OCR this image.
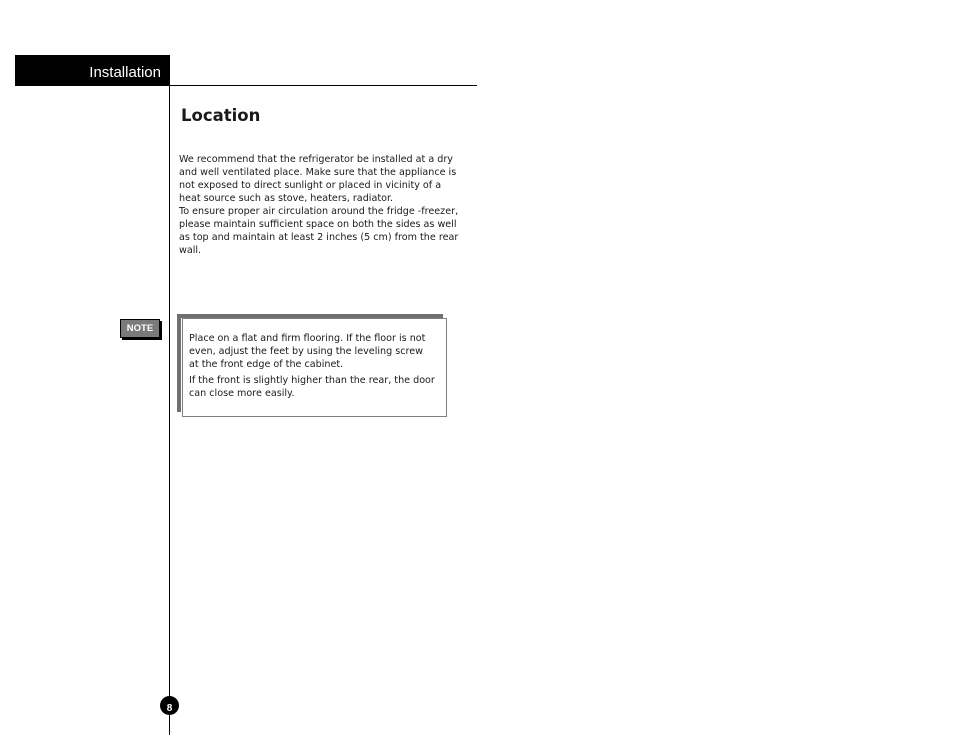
Installation
Location
We recommend that the refrigerator be installed at a dry
and well ventilated place. Make sure that the appliance is
not exposed to direct sunlight or placed in vicinity of a
heat source such as stove, heaters, radiator.
To ensure proper air circulation around the fridge -freezer,
please maintain sufficient space on both the sides as well
as top and maintain at least 2 inches (5 cm) from the rear
wall.
NOTE

Place on a flat and firm flooring. If the floor is not
even, adjust the feet by using the leveling screw
at the front edge of the cabinet.

If the front is slightly higher than the rear, the door
can close more easily.

8
